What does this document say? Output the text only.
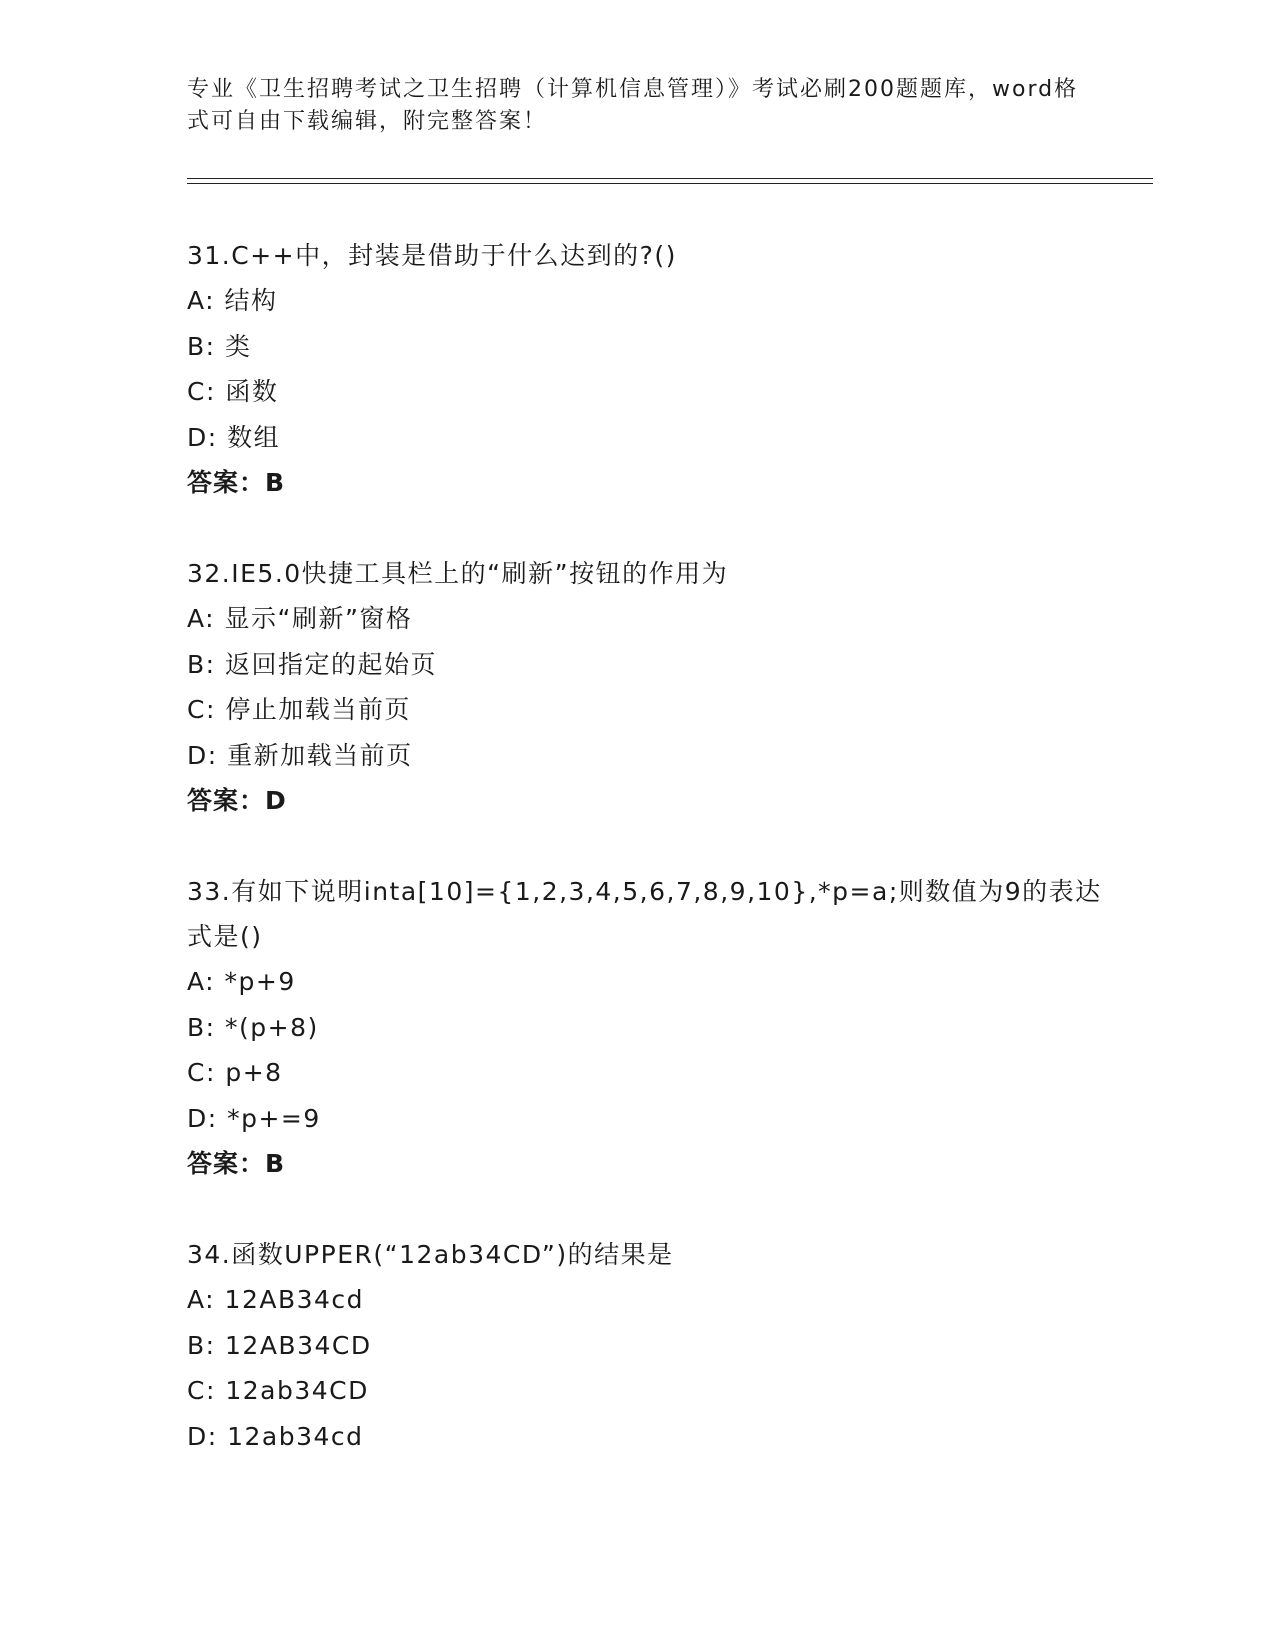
专业《卫生招聘考试之卫生招聘（计算机信息管理）》考试必刷200题题库，word格式可自由下载编辑，附完整答案！
31.C++中，封装是借助于什么达到的?()
A: 结构
B: 类
C: 函数
D: 数组
答案：B
32.IE5.0快捷工具栏上的“刷新”按钮的作用为
A: 显示“刷新”窗格
B: 返回指定的起始页
C: 停止加载当前页
D: 重新加载当前页
答案：D
33.有如下说明inta[10]={1,2,3,4,5,6,7,8,9,10},*p=a;则数值为9的表达式是()
A: *p+9
B: *(p+8)
C: p+8
D: *p+=9
答案：B
34.函数UPPER(“12ab34CD”)的结果是
A: 12AB34cd
B: 12AB34CD
C: 12ab34CD
D: 12ab34cd
